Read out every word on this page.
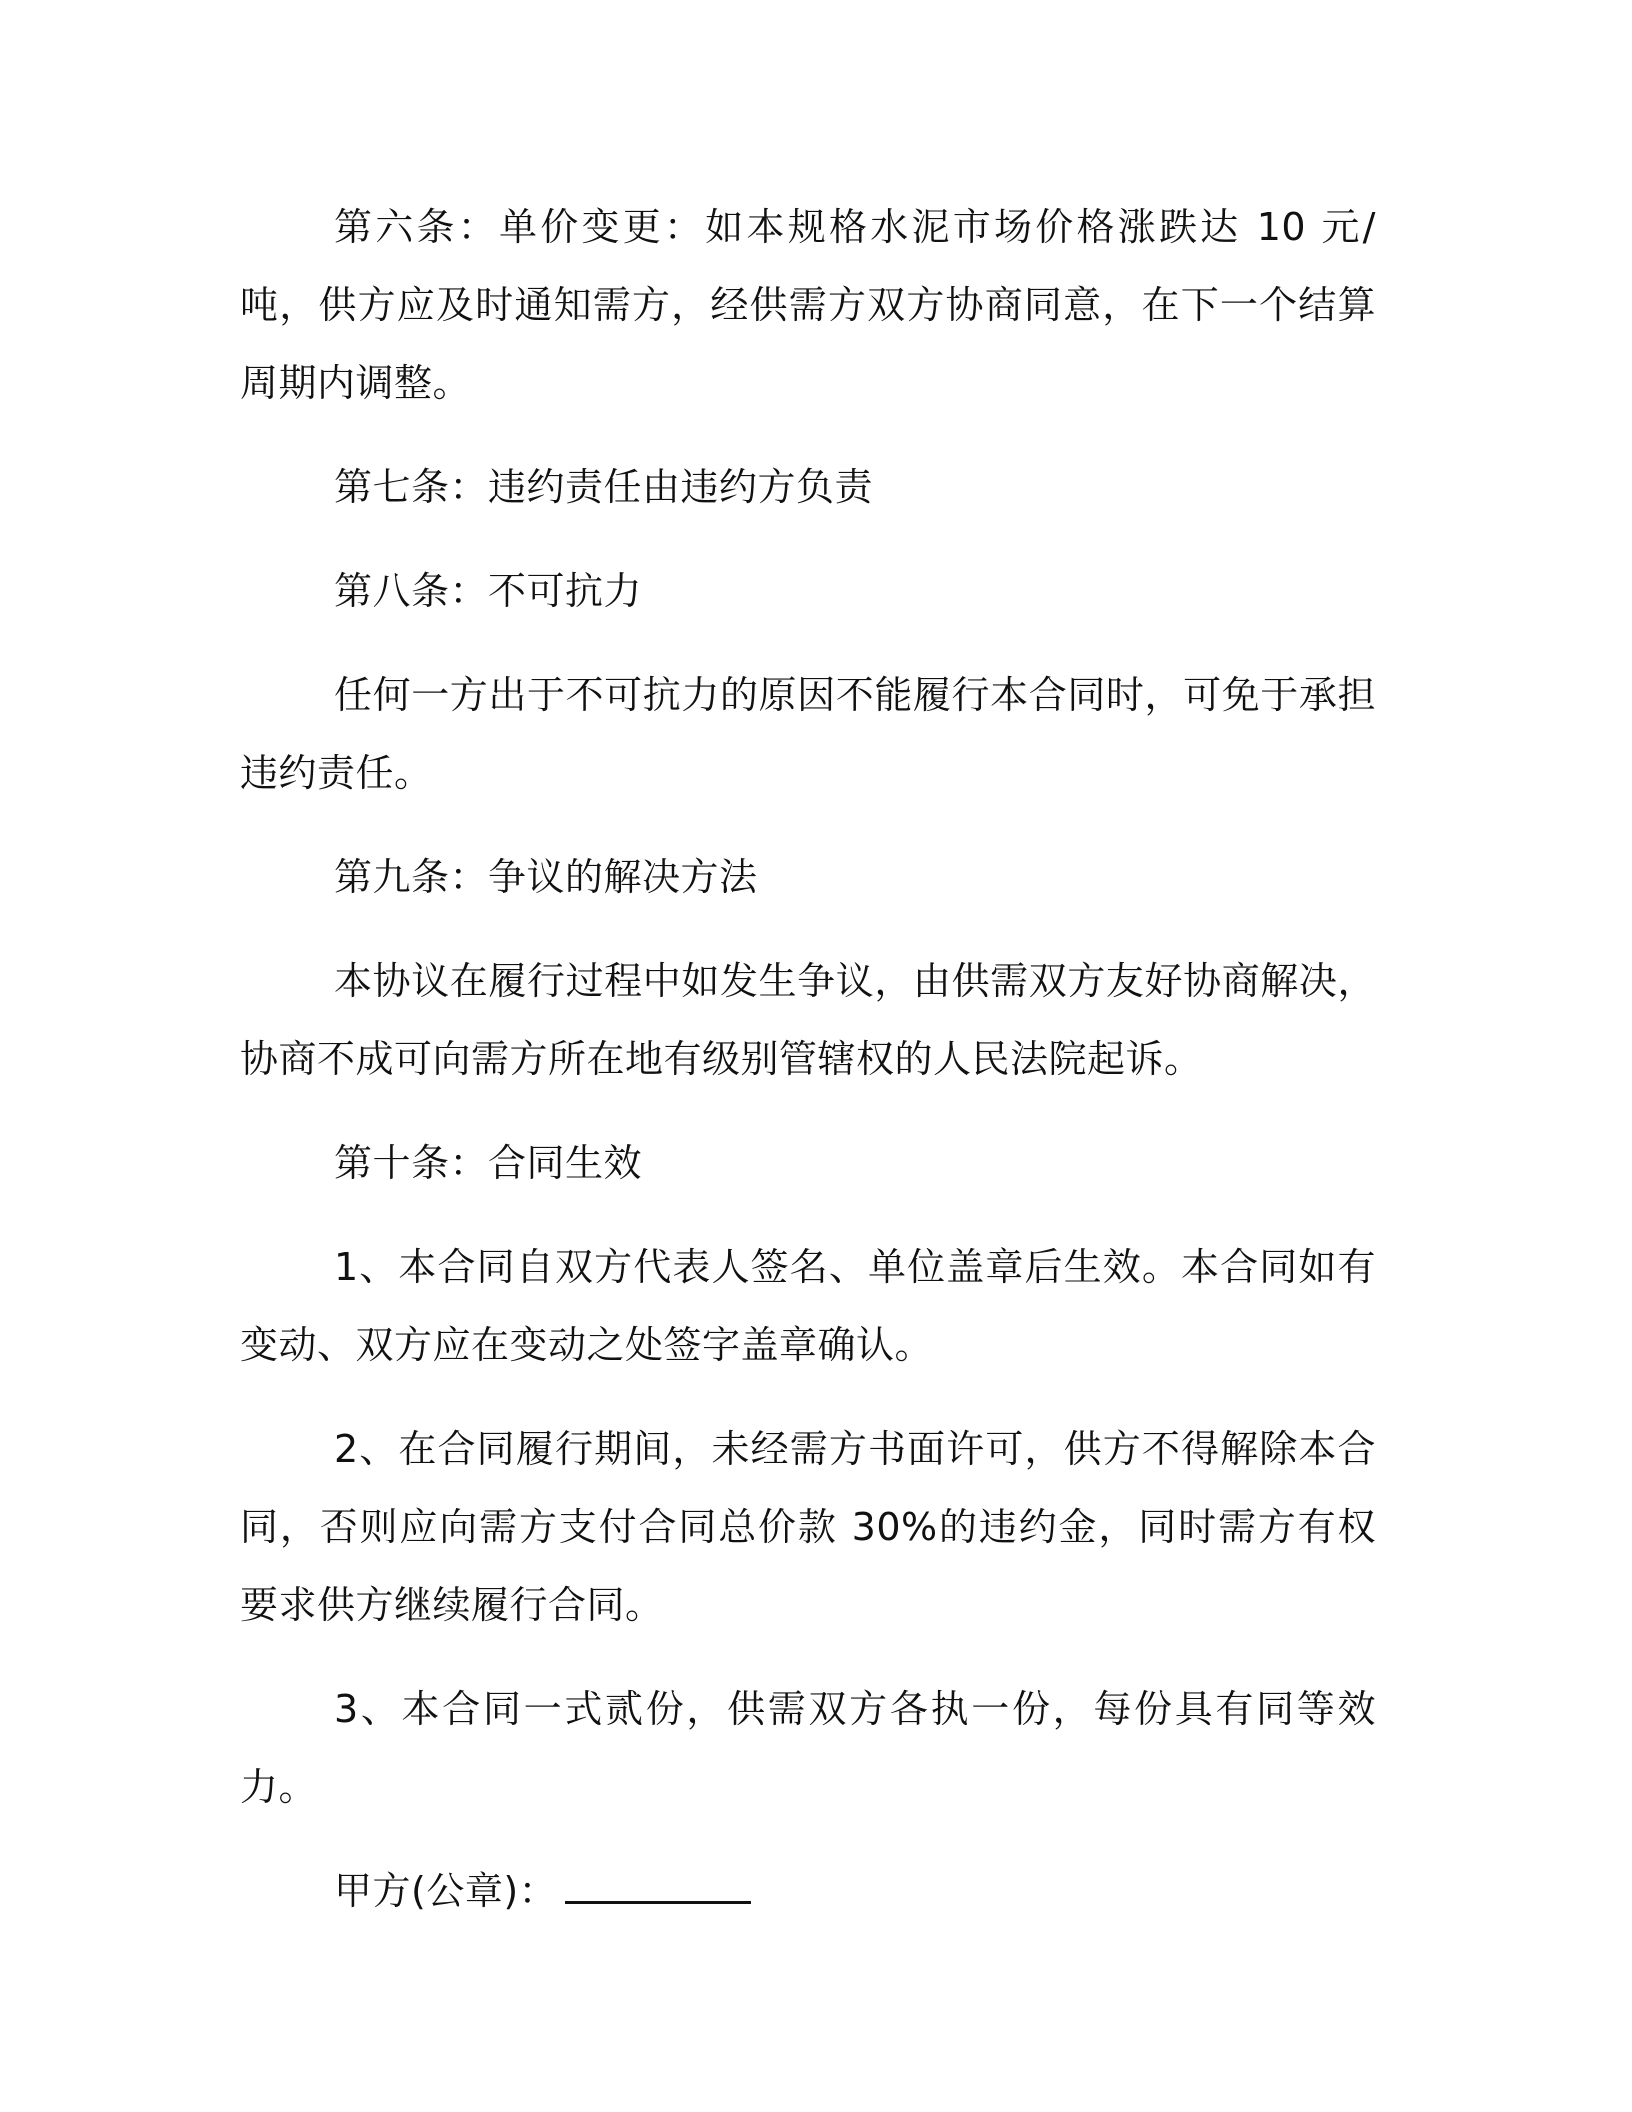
第六条：单价变更：如本规格水泥市场价格涨跌达 10 元/吨，供方应及时通知需方，经供需方双方协商同意，在下一个结算周期内调整。

第七条：违约责任由违约方负责

第八条：不可抗力

任何一方出于不可抗力的原因不能履行本合同时，可免于承担违约责任。

第九条：争议的解决方法

本协议在履行过程中如发生争议，由供需双方友好协商解决，协商不成可向需方所在地有级别管辖权的人民法院起诉。

第十条：合同生效

1、本合同自双方代表人签名、单位盖章后生效。本合同如有变动、双方应在变动之处签字盖章确认。

2、在合同履行期间，未经需方书面许可，供方不得解除本合同，否则应向需方支付合同总价款 30%的违约金，同时需方有权要求供方继续履行合同。

3、本合同一式贰份，供需双方各执一份，每份具有同等效力。

甲方(公章)：
